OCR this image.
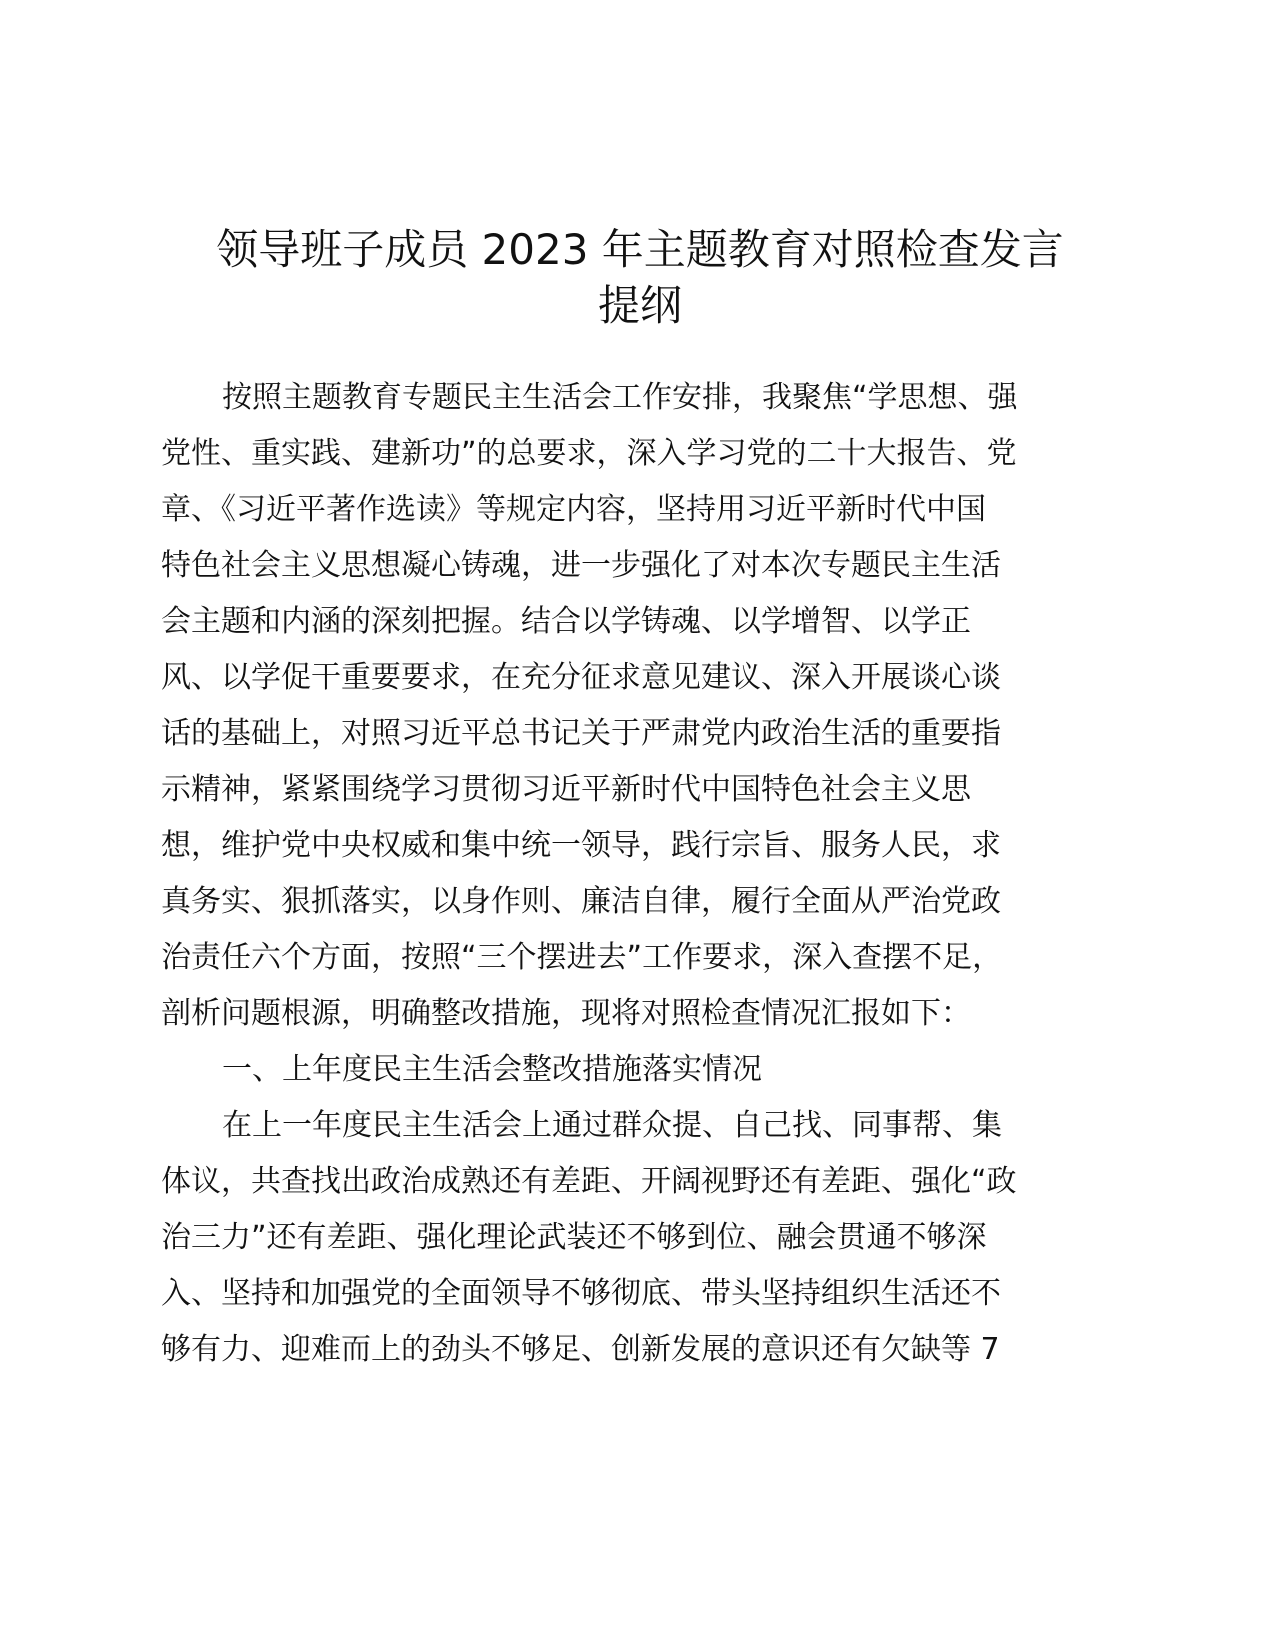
领导班子成员 2023 年主题教育对照检查发言
提纲
按照主题教育专题民主生活会工作安排，我聚焦“学思想、强
党性、重实践、建新功”的总要求，深入学习党的二十大报告、党
章、《习近平著作选读》等规定内容，坚持用习近平新时代中国
特色社会主义思想凝心铸魂，进一步强化了对本次专题民主生活
会主题和内涵的深刻把握。结合以学铸魂、以学增智、以学正
风、以学促干重要要求，在充分征求意见建议、深入开展谈心谈
话的基础上，对照习近平总书记关于严肃党内政治生活的重要指
示精神，紧紧围绕学习贯彻习近平新时代中国特色社会主义思
想，维护党中央权威和集中统一领导，践行宗旨、服务人民，求
真务实、狠抓落实，以身作则、廉洁自律，履行全面从严治党政
治责任六个方面，按照“三个摆进去”工作要求，深入查摆不足，
剖析问题根源，明确整改措施，现将对照检查情况汇报如下：
一、上年度民主生活会整改措施落实情况
在上一年度民主生活会上通过群众提、自己找、同事帮、集
体议，共查找出政治成熟还有差距、开阔视野还有差距、强化“政
治三力”还有差距、强化理论武装还不够到位、融会贯通不够深
入、坚持和加强党的全面领导不够彻底、带头坚持组织生活还不
够有力、迎难而上的劲头不够足、创新发展的意识还有欠缺等 7
